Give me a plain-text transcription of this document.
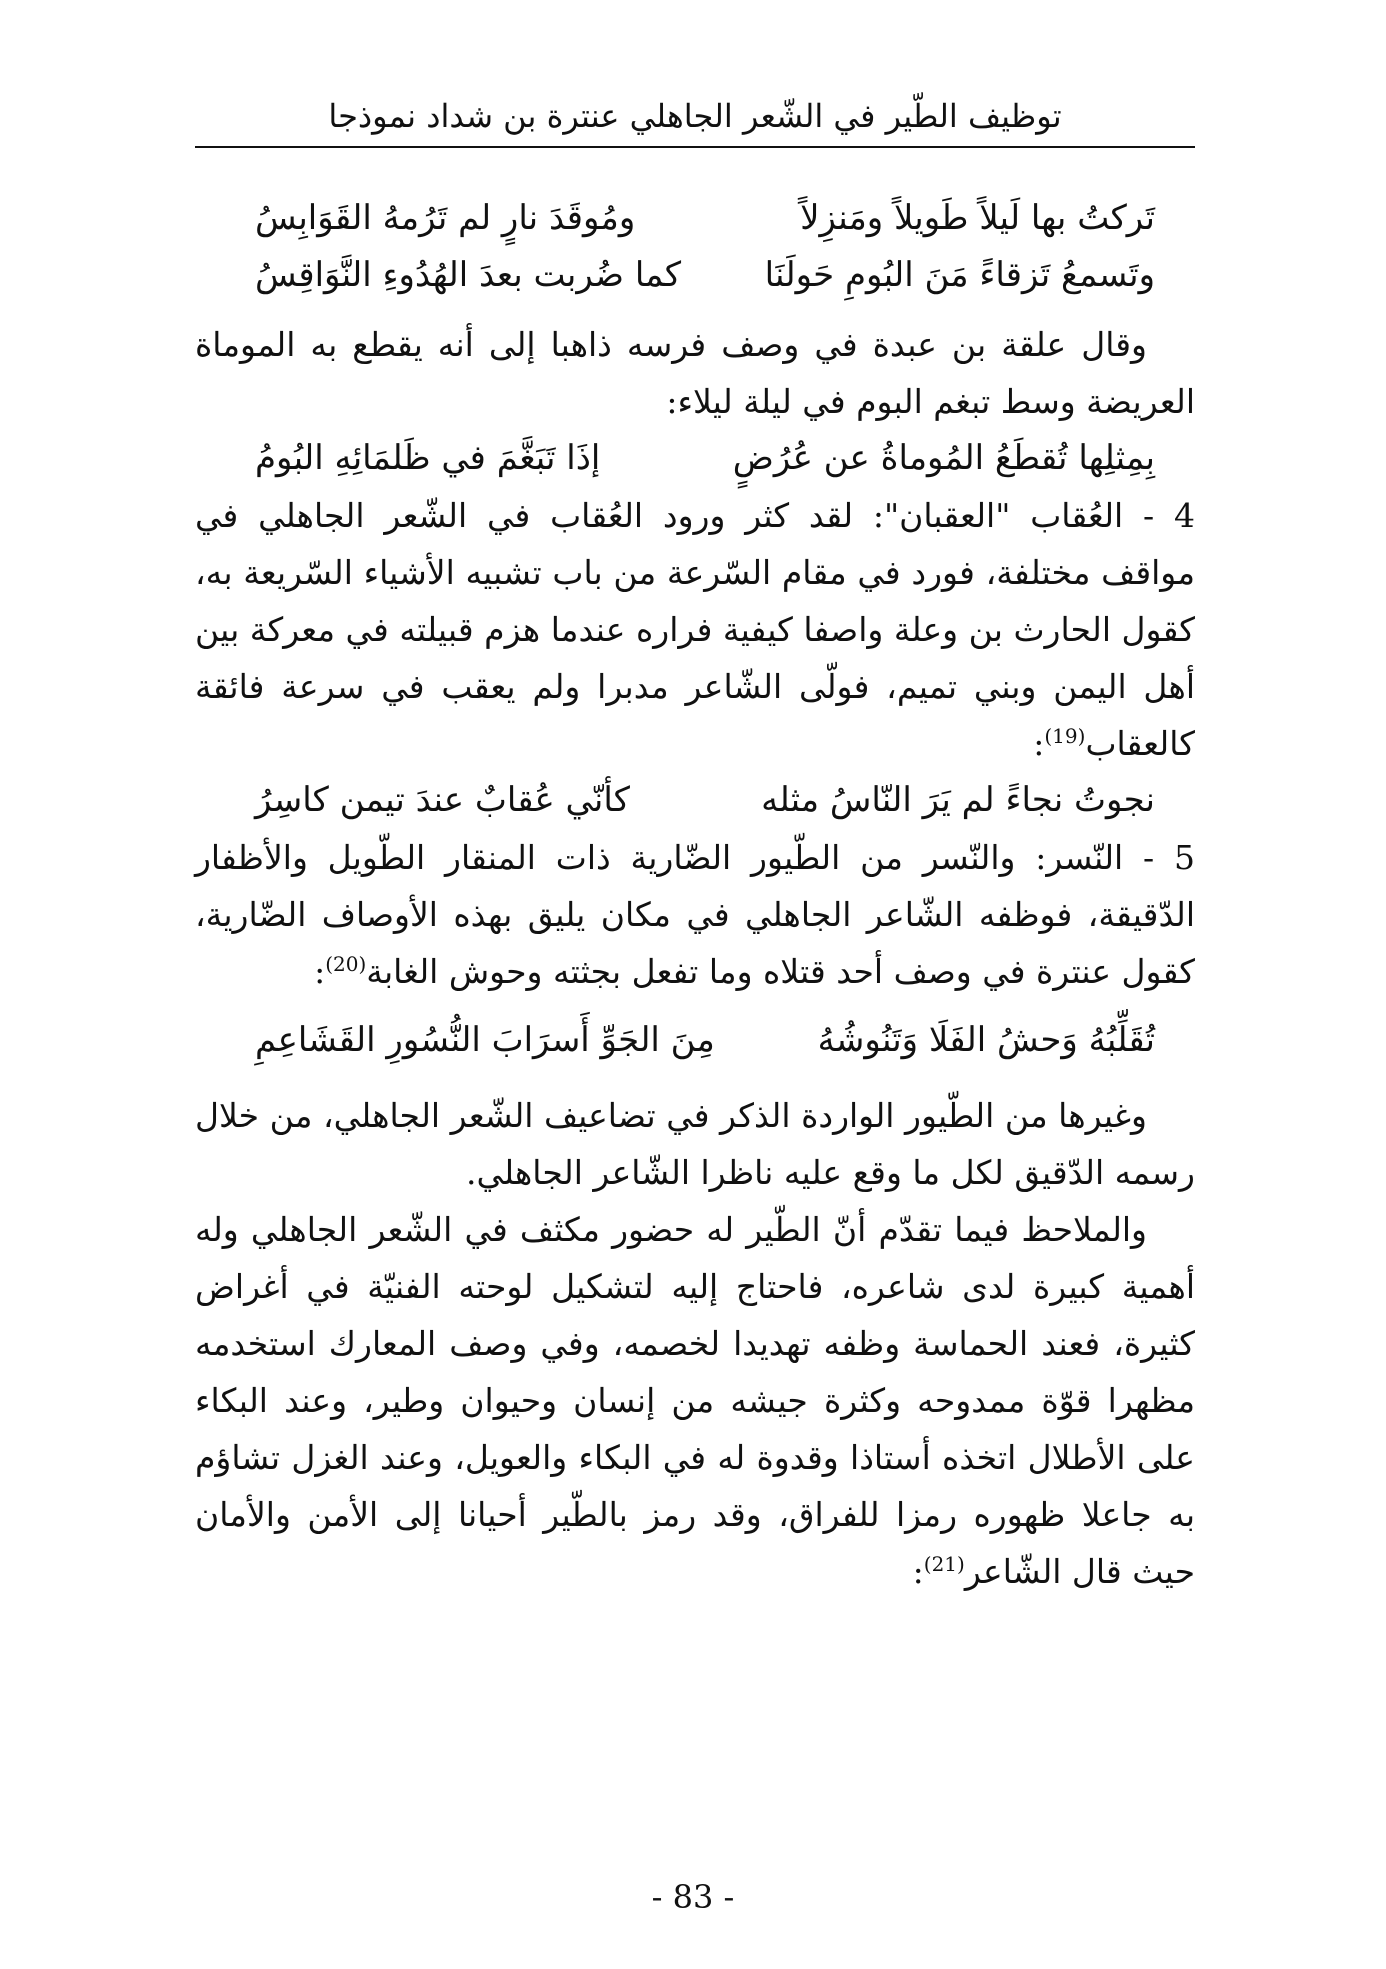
توظيف الطّير في الشّعر الجاهلي عنترة بن شداد نموذجا
تَركتُ بها لَيلاً طَويلاً ومَنزِلاً
ومُوقَدَ نارٍ لم تَرُمهُ القَوَابِسُ
وتَسمعُ تَزقاءً مَنَ البُومِ حَولَنَا
كما ضُربت بعدَ الهُدُوءِ النَّوَاقِسُ

وقال علقة بن عبدة في وصف فرسه ذاهبا إلى أنه يقطع به الموماة العريضة وسط تبغم البوم في ليلة ليلاء:

بِمِثلِها تُقطَعُ المُوماةُ عن عُرُضٍ
إذَا تَبَغَّمَ في ظَلمَائِهِ البُومُ

4 - العُقاب "العقبان": لقد كثر ورود العُقاب في الشّعر الجاهلي في مواقف مختلفة، فورد في مقام السّرعة من باب تشبيه الأشياء السّريعة به، كقول الحارث بن وعلة واصفا كيفية فراره عندما هزم قبيلته في معركة بين أهل اليمن وبني تميم، فولّى الشّاعر مدبرا ولم يعقب في سرعة فائقة كالعقاب$^{(19)}$:

نجوتُ نجاءً لم يَرَ النّاسُ مثله
كأنّي عُقابٌ عندَ تيمن كاسِرُ

5 - النّسر: والنّسر من الطّيور الضّارية ذات المنقار الطّويل والأظفار الدّقيقة، فوظفه الشّاعر الجاهلي في مكان يليق بهذه الأوصاف الضّارية، كقول عنترة في وصف أحد قتلاه وما تفعل بجثته وحوش الغابة$^{(20)}$:

تُقَلِّبُهُ وَحشُ الفَلَا وَتَنُوشُهُ
مِنَ الجَوِّ أَسرَابَ النُّسُورِ القَشَاعِمِ

وغيرها من الطّيور الواردة الذكر في تضاعيف الشّعر الجاهلي، من خلال رسمه الدّقيق لكل ما وقع عليه ناظرا الشّاعر الجاهلي.

والملاحظ فيما تقدّم أنّ الطّير له حضور مكثف في الشّعر الجاهلي وله أهمية كبيرة لدى شاعره، فاحتاج إليه لتشكيل لوحته الفنيّة في أغراض كثيرة، فعند الحماسة وظفه تهديدا لخصمه، وفي وصف المعارك استخدمه مظهرا قوّة ممدوحه وكثرة جيشه من إنسان وحيوان وطير، وعند البكاء على الأطلال اتخذه أستاذا وقدوة له في البكاء والعويل، وعند الغزل تشاؤم به جاعلا ظهوره رمزا للفراق، وقد رمز بالطّير أحيانا إلى الأمن والأمان حيث قال الشّاعر$^{(21)}$:

- 83 -
